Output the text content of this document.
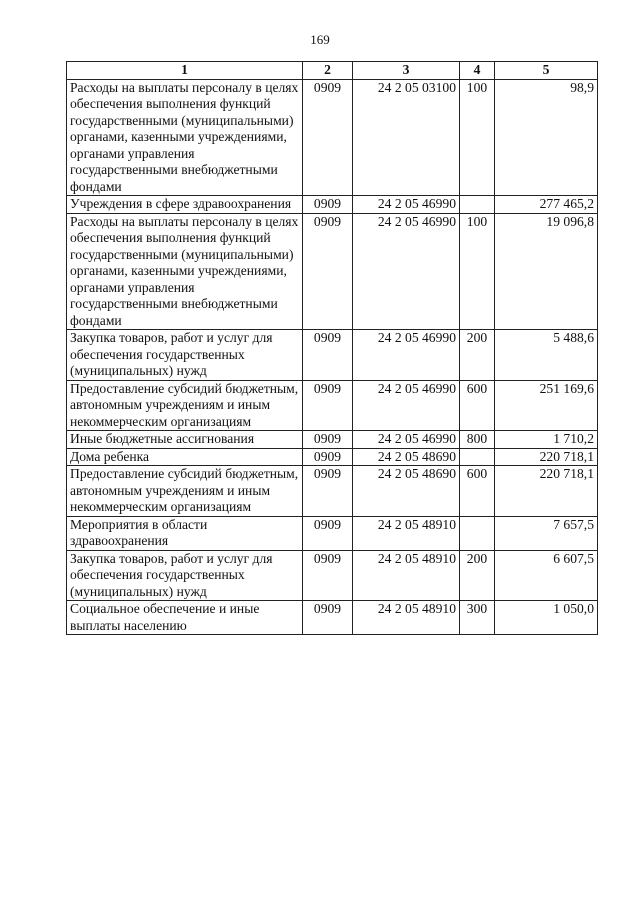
169
1	2	3	4	5
Расходы на выплаты персоналу в целях обеспечения выполнения функций государственными (муниципальными) органами, казенными учреждениями, органами управления государственными внебюджетными фондами	0909	24 2 05 03100	100	98,9
Учреждения в сфере здравоохранения	0909	24 2 05 46990		277 465,2
Расходы на выплаты персоналу в целях обеспечения выполнения функций государственными (муниципальными) органами, казенными учреждениями, органами управления государственными внебюджетными фондами	0909	24 2 05 46990	100	19 096,8
Закупка товаров, работ и услуг для обеспечения государственных (муниципальных) нужд	0909	24 2 05 46990	200	5 488,6
Предоставление субсидий бюджетным, автономным учреждениям и иным некоммерческим организациям	0909	24 2 05 46990	600	251 169,6
Иные бюджетные ассигнования	0909	24 2 05 46990	800	1 710,2
Дома ребенка	0909	24 2 05 48690		220 718,1
Предоставление субсидий бюджетным, автономным учреждениям и иным некоммерческим организациям	0909	24 2 05 48690	600	220 718,1
Мероприятия в области здравоохранения	0909	24 2 05 48910		7 657,5
Закупка товаров, работ и услуг для обеспечения государственных (муниципальных) нужд	0909	24 2 05 48910	200	6 607,5
Социальное обеспечение и иные выплаты населению	0909	24 2 05 48910	300	1 050,0
